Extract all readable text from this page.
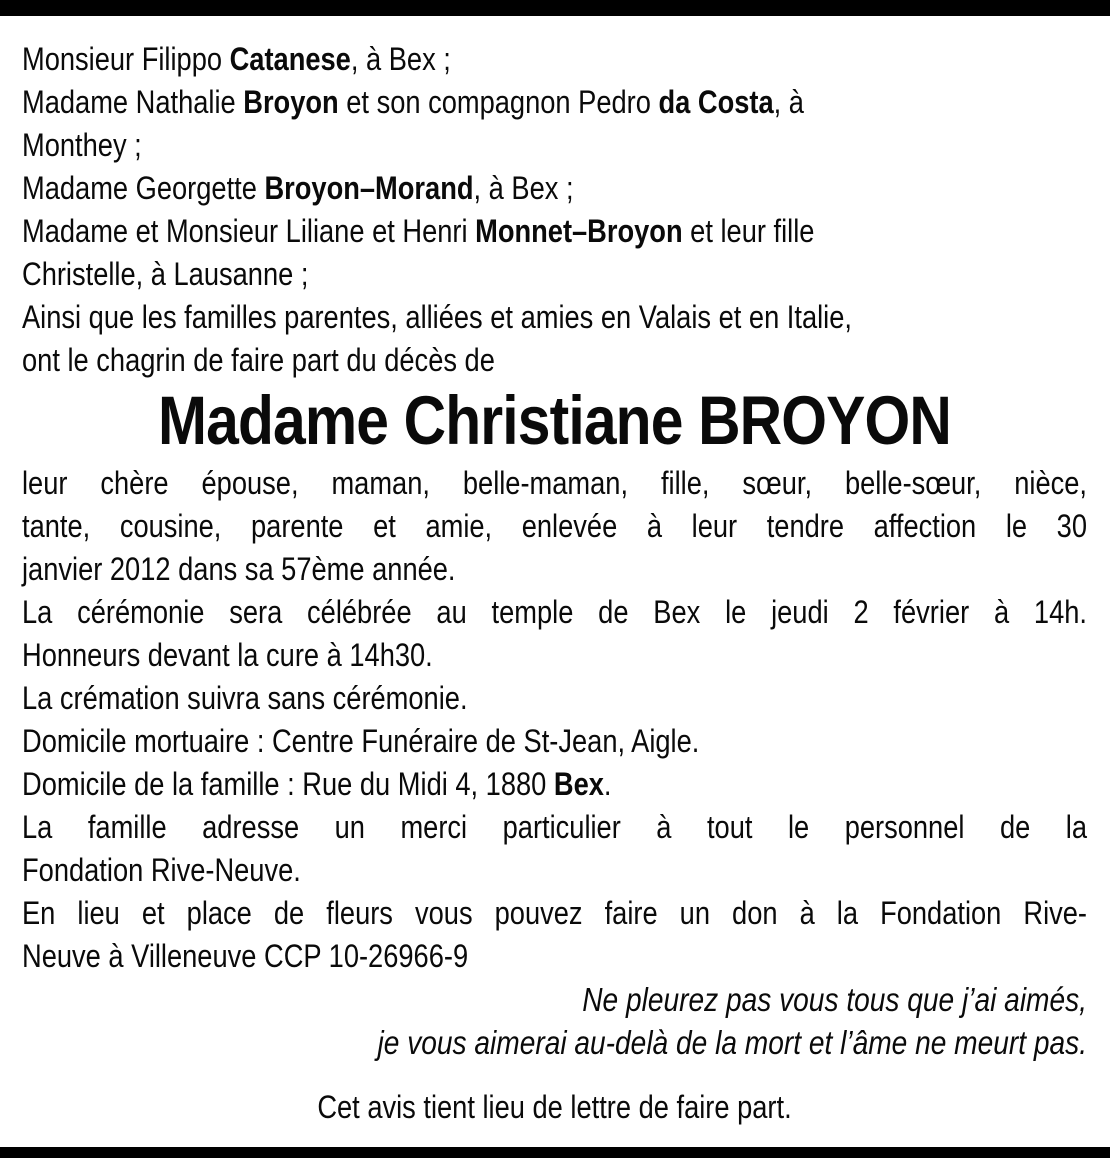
Monsieur Filippo Catanese, à Bex ;
Madame Nathalie Broyon et son compagnon Pedro da Costa, à
Monthey ;
Madame Georgette Broyon–Morand, à Bex ;
Madame et Monsieur Liliane et Henri Monnet–Broyon et leur fille
Christelle, à Lausanne ;
Ainsi que les familles parentes, alliées et amies en Valais et en Italie,
ont le chagrin de faire part du décès de
Madame Christiane BROYON
leur chère épouse, maman, belle-maman, fille, sœur, belle-sœur, nièce,
tante, cousine, parente et amie, enlevée à leur tendre affection le 30
janvier 2012 dans sa 57ème année.
La cérémonie sera célébrée au temple de Bex le jeudi 2 février à 14h.
Honneurs devant la cure à 14h30.
La crémation suivra sans cérémonie.
Domicile mortuaire : Centre Funéraire de St-Jean, Aigle.
Domicile de la famille : Rue du Midi 4, 1880 Bex.
La famille adresse un merci particulier à tout le personnel de la
Fondation Rive-Neuve.
En lieu et place de fleurs vous pouvez faire un don à la Fondation Rive-
Neuve à Villeneuve CCP 10-26966-9
Ne pleurez pas vous tous que j’ai aimés,
je vous aimerai au-delà de la mort et l’âme ne meurt pas.
Cet avis tient lieu de lettre de faire part.
